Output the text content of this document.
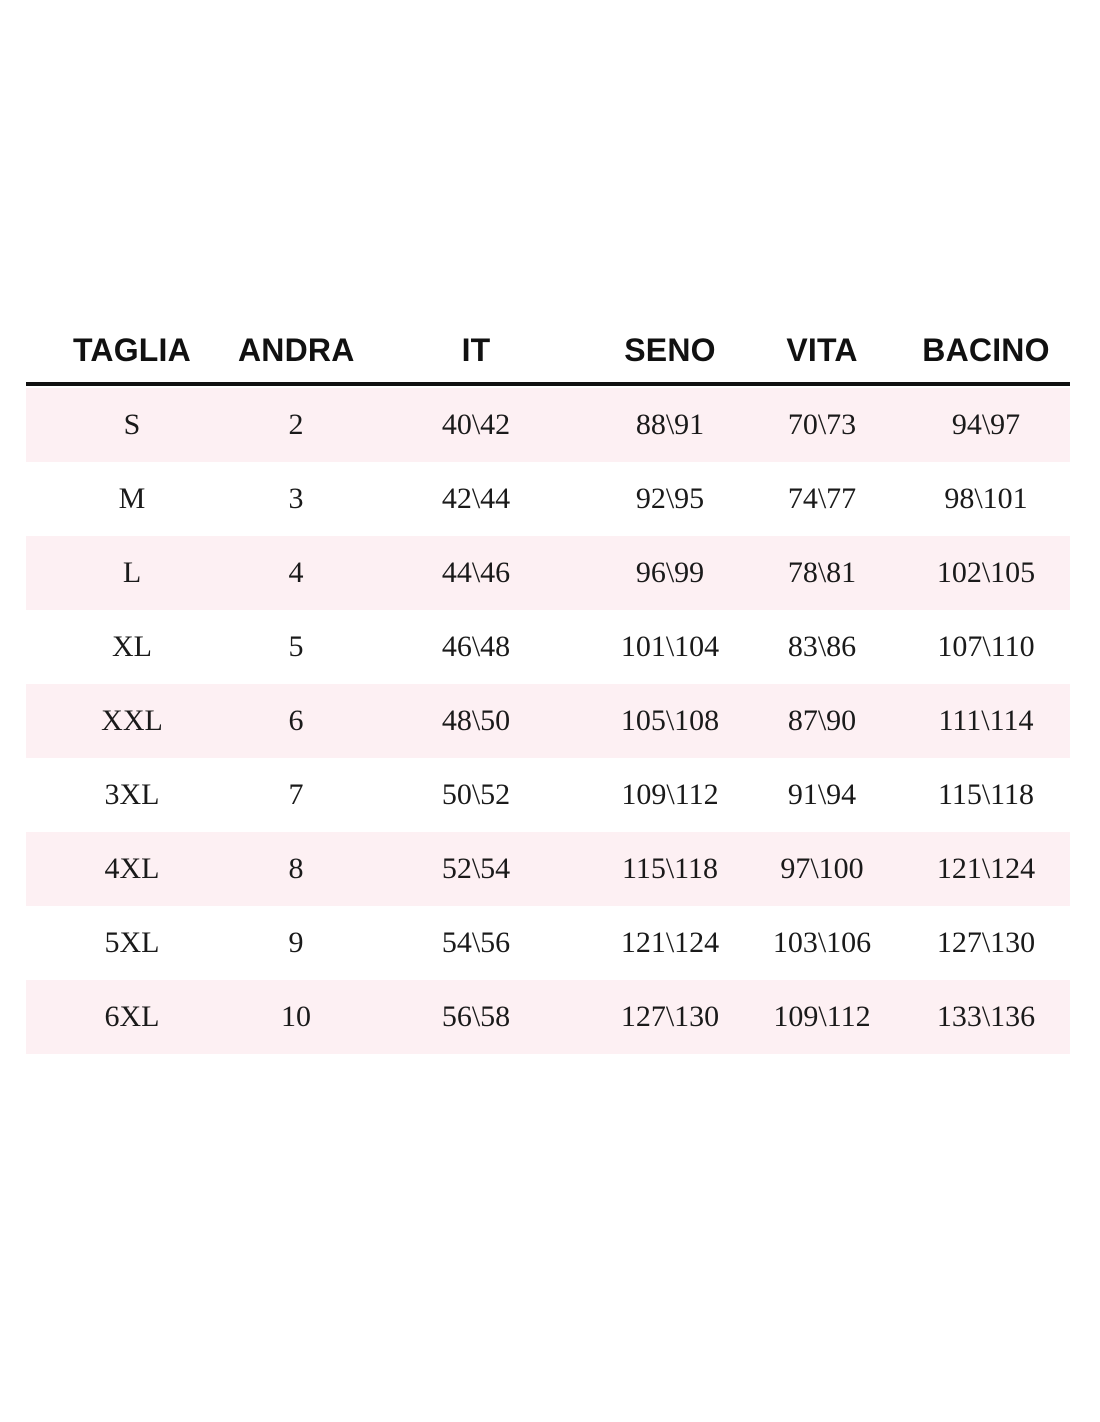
TAGLIA	ANDRA	IT	SENO	VITA	BACINO

S	2	40\42	88\91	70\73	94\97
M	3	42\44	92\95	74\77	98\101
L	4	44\46	96\99	78\81	102\105
XL	5	46\48	101\104	83\86	107\110
XXL	6	48\50	105\108	87\90	111\114
3XL	7	50\52	109\112	91\94	115\118
4XL	8	52\54	115\118	97\100	121\124
5XL	9	54\56	121\124	103\106	127\130
6XL	10	56\58	127\130	109\112	133\136
